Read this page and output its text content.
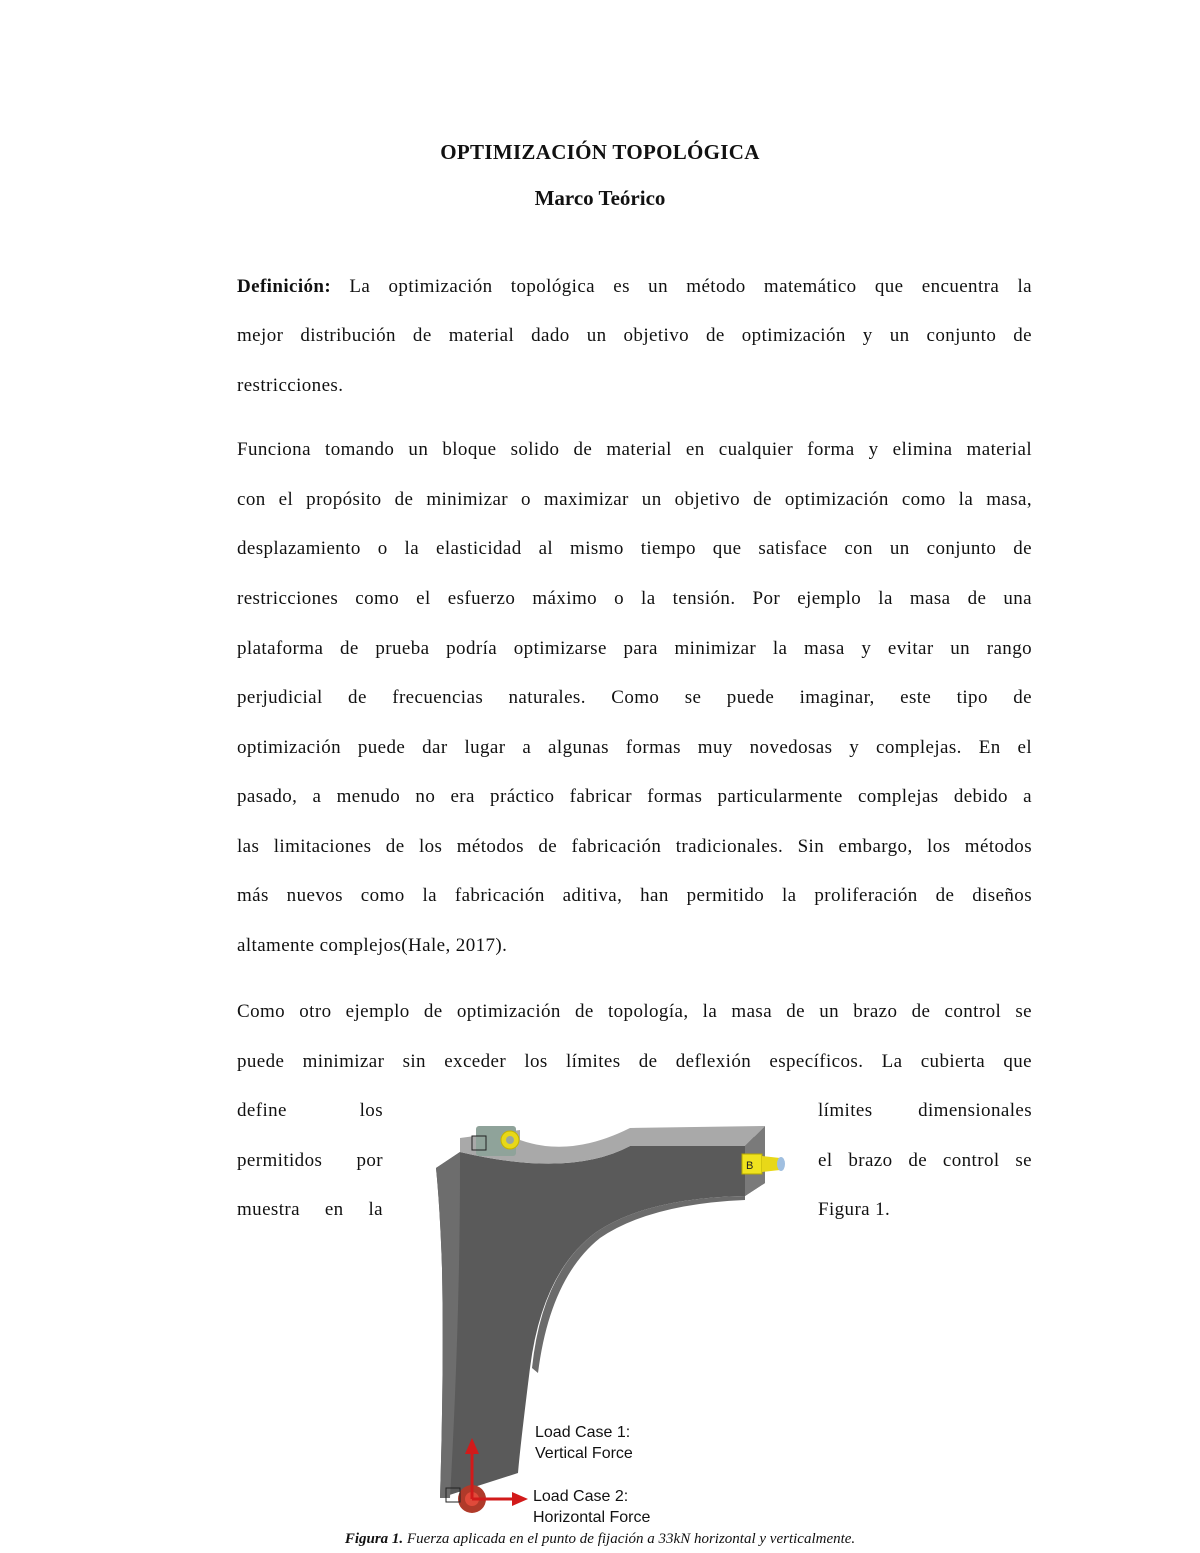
OPTIMIZACIÓN TOPOLÓGICA
Marco Teórico
Definición: La optimización topológica es un método matemático que encuentra la
mejor distribución de material dado un objetivo de optimización y un conjunto de
restricciones.
Funciona tomando un bloque solido de material en cualquier forma y elimina material
con el propósito de minimizar o maximizar un objetivo de optimización como la masa,
desplazamiento o la elasticidad al mismo tiempo que satisface con un conjunto de
restricciones como el esfuerzo máximo o la tensión. Por ejemplo la masa de una
plataforma de prueba podría optimizarse para minimizar la masa y evitar un rango
perjudicial de frecuencias naturales. Como se puede imaginar, este tipo de
optimización puede dar lugar a algunas formas muy novedosas y complejas. En el
pasado, a menudo no era práctico fabricar formas particularmente complejas debido a
las limitaciones de los métodos de fabricación tradicionales. Sin embargo, los métodos
más nuevos como la fabricación aditiva, han permitido la proliferación de diseños
altamente complejos(Hale, 2017).
Como otro ejemplo de optimización de topología, la masa de un brazo de control se
puede minimizar sin exceder los límites de deflexión específicos. La cubierta que
define los
permitidos por
muestra en la
límites dimensionales
el brazo de control se
Figura 1.
B
Load Case 1:
Vertical Force
Load Case 2:
Horizontal Force
Figura 1. Fuerza aplicada en el punto de fijación a 33kN horizontal y verticalmente.
